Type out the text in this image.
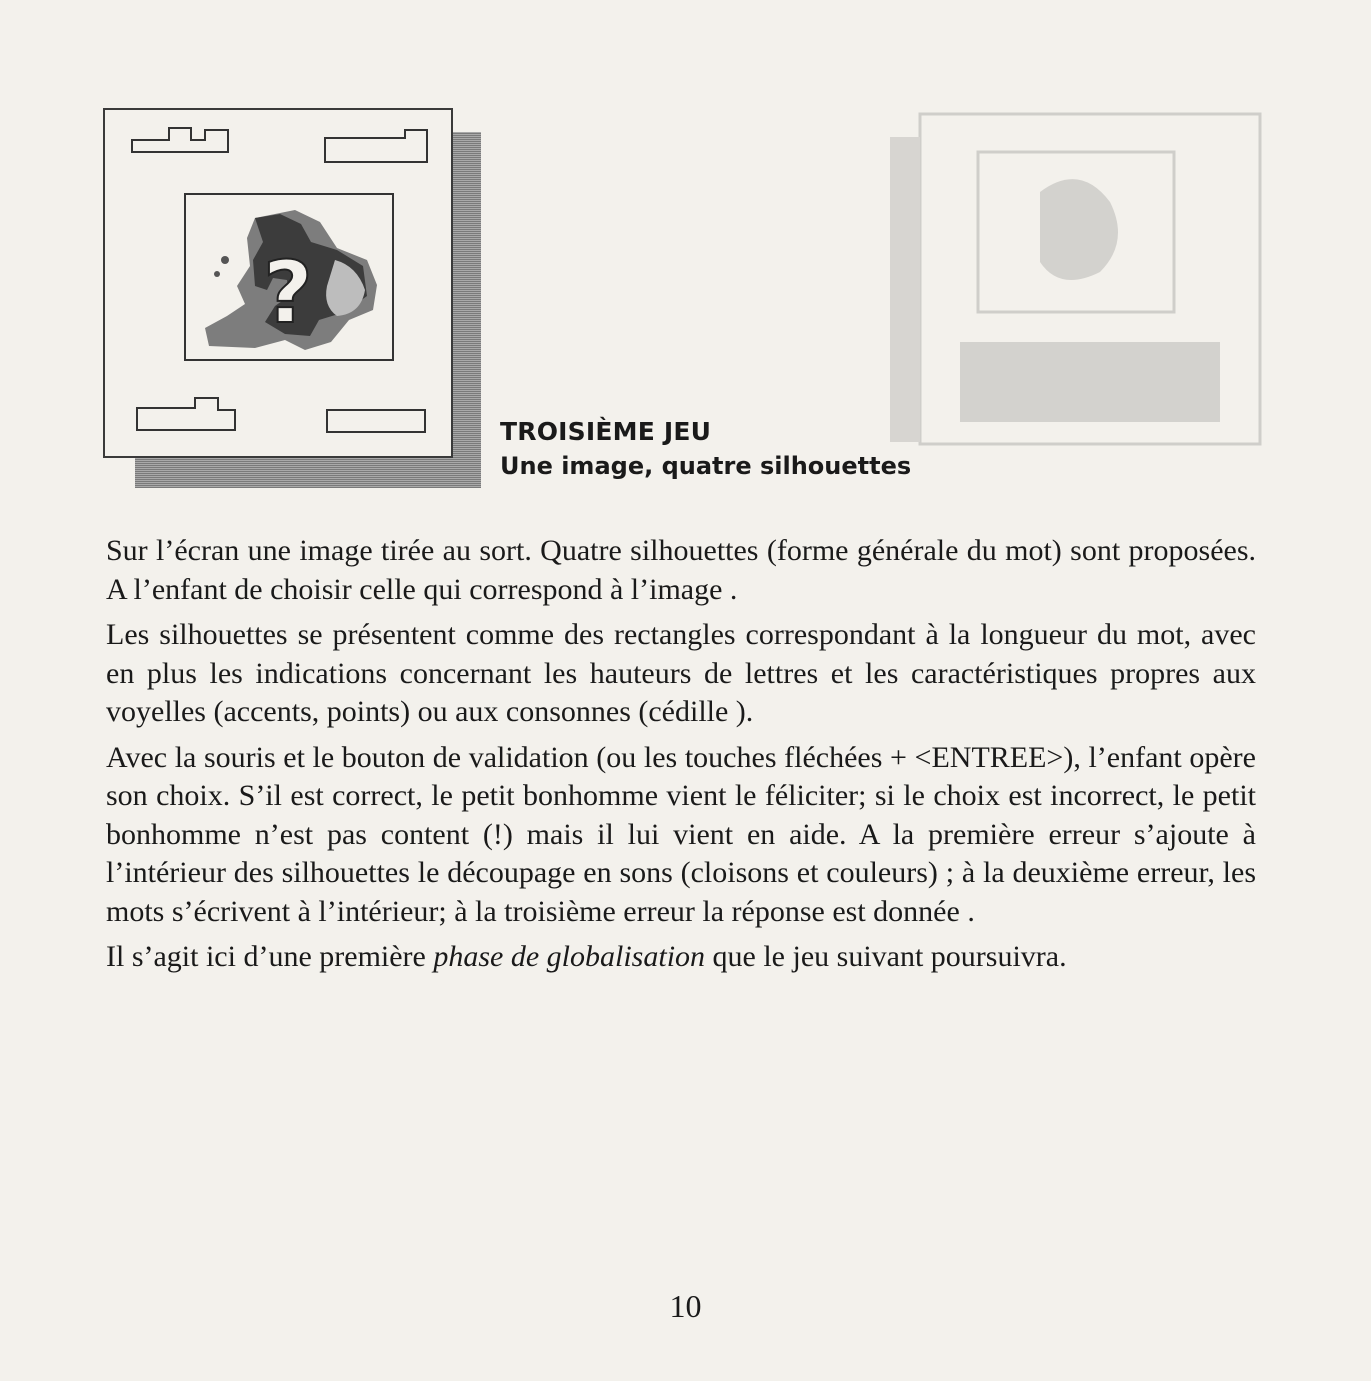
?
TROISIÈME JEU
Une image, quatre silhouettes

Sur l’écran une image tirée au sort. Quatre silhouettes (forme générale du mot) sont proposées. A l’enfant de choisir celle qui correspond à l’image .

Les silhouettes se présentent comme des rectangles correspondant à la longueur du mot, avec en plus les indications concernant les hauteurs de lettres et les caractéristiques propres aux voyelles (accents, points) ou aux consonnes (cédille ).

Avec la souris et le bouton de validation (ou les touches fléchées + <ENTREE>), l’enfant opère son choix. S’il est correct, le petit bonhomme vient le féliciter; si le choix est incorrect, le petit bonhomme n’est pas content (!) mais il lui vient en aide. A la première erreur s’ajoute à l’intérieur des silhouettes le découpage en sons (cloisons et couleurs) ; à la deuxième erreur, les mots s’écrivent à l’intérieur; à la troisième erreur la réponse est donnée .

Il s’agit ici d’une première phase de globalisation que le jeu suivant poursuivra.

10
